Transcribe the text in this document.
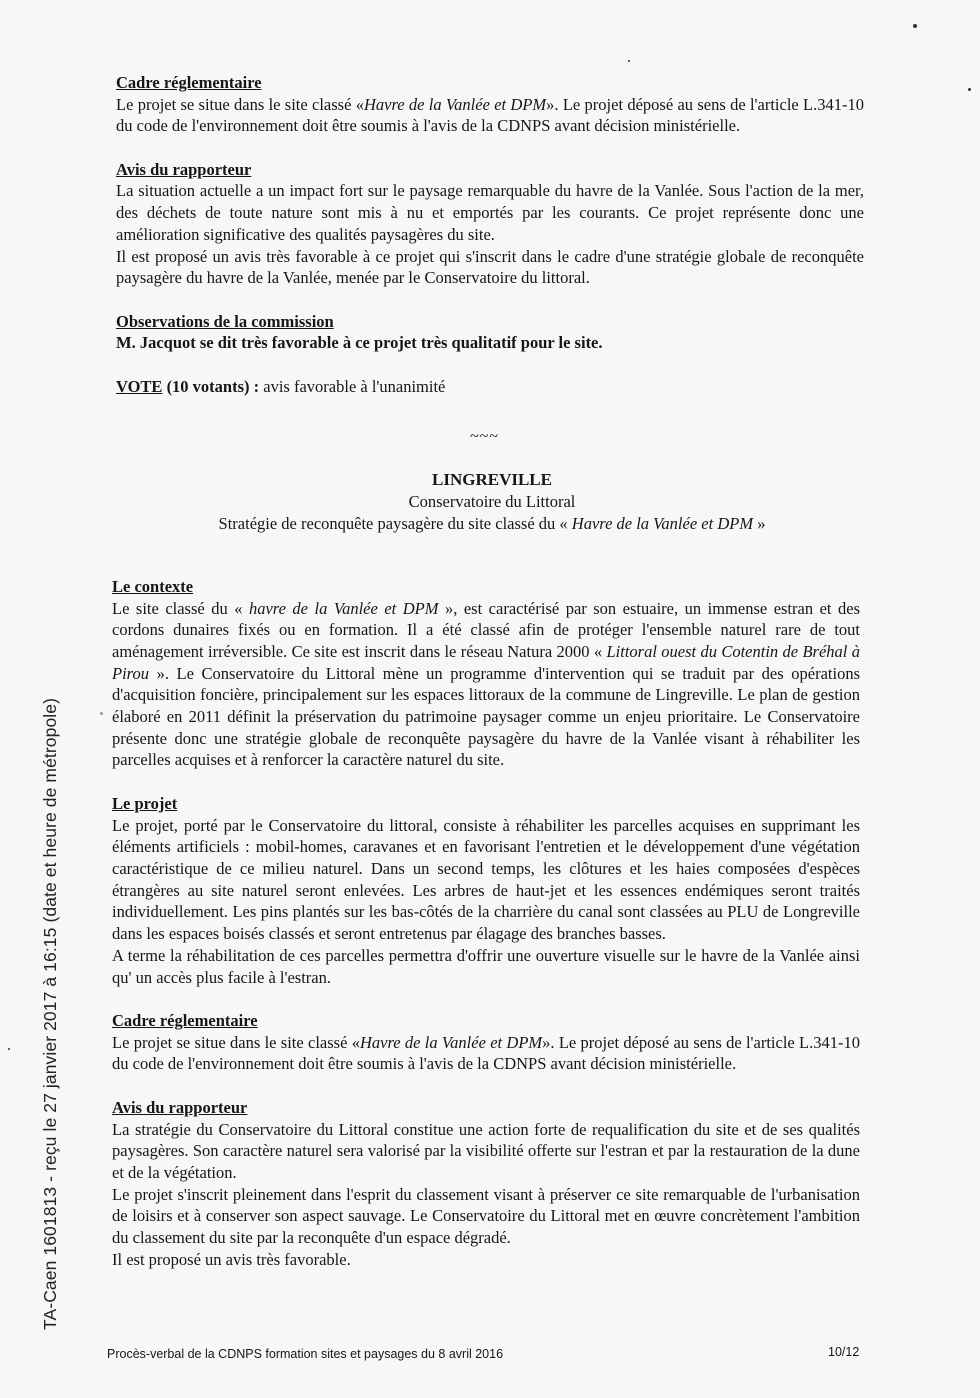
TA-Caen 1601813 - reçu le 27 janvier 2017 à 16:15 (date et heure de métropole)

Cadre réglementaire

Le projet se situe dans le site classé «Havre de la Vanlée et DPM». Le projet déposé au sens de l'article L.341-10 du code de l'environnement doit être soumis à l'avis de la CDNPS avant décision ministérielle.

Avis du rapporteur

La situation actuelle a un impact fort sur le paysage remarquable du havre de la Vanlée. Sous l'action de la mer, des déchets de toute nature sont mis à nu et emportés par les courants. Ce projet représente donc une amélioration significative des qualités paysagères du site.

Il est proposé un avis très favorable à ce projet qui s'inscrit dans le cadre d'une stratégie globale de reconquête paysagère du havre de la Vanlée, menée par le Conservatoire du littoral.

Observations de la commission

M. Jacquot se dit très favorable à ce projet très qualitatif pour le site.

VOTE (10 votants) : avis favorable à l'unanimité

~~~
LINGREVILLE
Conservatoire du Littoral
Stratégie de reconquête paysagère du site classé du « Havre de la Vanlée et DPM »

Le contexte

Le site classé du « havre de la Vanlée et DPM », est caractérisé par son estuaire, un immense estran et des cordons dunaires fixés ou en formation. Il a été classé afin de protéger l'ensemble naturel rare de tout aménagement irréversible. Ce site est inscrit dans le réseau Natura 2000 « Littoral ouest du Cotentin de Bréhal à Pirou ». Le Conservatoire du Littoral mène un programme d'intervention qui se traduit par des opérations d'acquisition foncière, principalement sur les espaces littoraux de la commune de Lingreville. Le plan de gestion élaboré en 2011 définit la préservation du patrimoine paysager comme un enjeu prioritaire. Le Conservatoire présente donc une stratégie globale de reconquête paysagère du havre de la Vanlée visant à réhabiliter les parcelles acquises et à renforcer la caractère naturel du site.

Le projet

Le projet, porté par le Conservatoire du littoral, consiste à réhabiliter les parcelles acquises en supprimant les éléments artificiels : mobil-homes, caravanes et en favorisant l'entretien et le développement d'une végétation caractéristique de ce milieu naturel. Dans un second temps, les clôtures et les haies composées d'espèces étrangères au site naturel seront enlevées. Les arbres de haut-jet et les essences endémiques seront traités individuellement. Les pins plantés sur les bas-côtés de la charrière du canal sont classées au PLU de Longreville dans les espaces boisés classés et seront entretenus par élagage des branches basses.

A terme la réhabilitation de ces parcelles permettra d'offrir une ouverture visuelle sur le havre de la Vanlée ainsi qu' un accès plus facile à l'estran.

Cadre réglementaire

Le projet se situe dans le site classé «Havre de la Vanlée et DPM». Le projet déposé au sens de l'article L.341-10 du code de l'environnement doit être soumis à l'avis de la CDNPS avant décision ministérielle.

Avis du rapporteur

La stratégie du Conservatoire du Littoral constitue une action forte de requalification du site et de ses qualités paysagères. Son caractère naturel sera valorisé par la visibilité offerte sur l'estran et par la restauration de la dune et de la végétation.

Le projet s'inscrit pleinement dans l'esprit du classement visant à préserver ce site remarquable de l'urbanisation de loisirs et à conserver son aspect sauvage. Le Conservatoire du Littoral met en œuvre concrètement l'ambition du classement du site par la reconquête d'un espace dégradé.

Il est proposé un avis très favorable.

Procès-verbal de la CDNPS formation sites et paysages du 8 avril 2016	10/12
